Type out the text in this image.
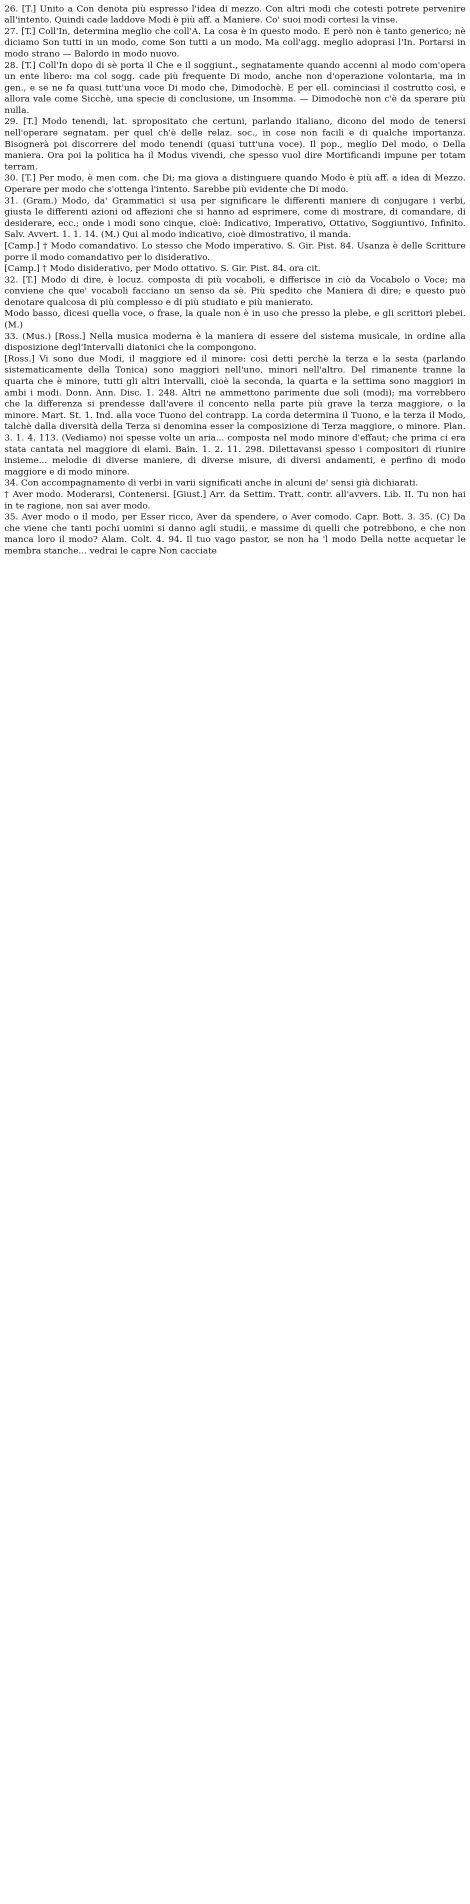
26. [T.] Unito a Con denota più espresso l'idea di mezzo. Con altri modi che cotesti potrete pervenire all'intento. Quindi cade laddove Modi è più aff. a Maniere. Co' suoi modi cortesi la vinse.

27. [T.] Coll'In, determina meglio che coll'A. La cosa è in questo modo. E però non è tanto generico; nè diciamo Son tutti in un modo, come Son tutti a un modo. Ma coll'agg. meglio adoprasi l'In. Portarsi in modo strano — Balordo in modo nuovo.

28. [T.] Coll'In dopo di sè porta il Che e il soggiunt., segnatamente quando accenni al modo com'opera un ente libero: ma col sogg. cade più frequente Di modo, anche non d'operazione volontaria, ma in gen., e se ne fa quasi tutt'una voce Di modo che, Dimodochè. E per ell. cominciasi il costrutto così, e allora vale come Sicchè, una specie di conclusione, un Insomma. — Dimodochè non c'è da sperare più nulla.

29. [T.] Modo tenendi, lat. spropositato che certuni, parlando italiano, dicono del modo de tenersi nell'operare segnatam. per quel ch'è delle relaz. soc., in cose non facili e di qualche importanza. Bisognerà poi discorrere del modo tenendi (quasi tutt'una voce). Il pop., meglio Del modo, o Della maniera. Ora poi la politica ha il Modus vivendi, che spesso vuol dire Mortificandi impune per totam terram.

30. [T.] Per modo, è men com. che Di; ma giova a distinguere quando Modo è più aff. a idea di Mezzo. Operare per modo che s'ottenga l'intento. Sarebbe più evidente che Di modo.

31. (Gram.) Modo, da' Grammatici si usa per significare le differenti maniere di conjugare i verbi, giusta le differenti azioni od affezioni che si hanno ad esprimere, come di mostrare, di comandare, di desiderare, ecc.; onde i modi sono cinque, cioè: Indicativo, Imperativo, Ottativo, Soggiuntivo, Infinito. Salv. Avvert. 1. 1. 14. (M.) Qui al modo indicativo, cioè dimostrativo, il manda.

[Camp.] † Modo comandativo. Lo stesso che Modo imperativo. S. Gir. Pist. 84. Usanza è delle Scritture porre il modo comandativo per lo disiderativo.

[Camp.] † Modo disiderativo, per Modo ottativo. S. Gir. Pist. 84. ora cit.

32. [T.] Modo di dire, è locuz. composta di più vocaboli, e differisce in ciò da Vocabolo o Voce; ma conviene che que' vocaboli facciano un senso da sè. Più spedito che Maniera di dire; e questo può denotare qualcosa di più complesso e di più studiato e più manierato.

Modo basso, dicesi quella voce, o frase, la quale non è in uso che presso la plebe, e gli scrittori plebei. (M.)

33. (Mus.) [Ross.] Nella musica moderna è la maniera di essere del sistema musicale, in ordine alla disposizione degl'Intervalli diatonici che la compongono.

[Ross.] Vi sono due Modi, il maggiore ed il minore: così detti perchè la terza e la sesta (parlando sistematicamente della Tonica) sono maggiori nell'uno, minori nell'altro. Del rimanente tranne la quarta che è minore, tutti gli altri Intervalli, cioè la seconda, la quarta e la settima sono maggiori in ambi i modi. Donn. Ann. Disc. 1. 248. Altri ne ammettono parimente due soli (modi); ma vorrebbero che la differenza si prendesse dall'avere il concento nella parte più grave la terza maggiore, o la minore. Mart. St. 1. Ind. alla voce Tuono del contrapp. La corda determina il Tuono, e la terza il Modo, talchè dalla diversità della Terza si denomina esser la composizione di Terza maggiore, o minore. Plan. 3. 1. 4. 113. (Vediamo) noi spesse volte un aria... composta nel modo minore d'effaut; che prima ci era stata cantata nel maggiore di elamì. Bain. 1. 2. 11. 298. Dilettavansi spesso i compositori di riunire insieme... melodie di diverse maniere, di diverse misure, di diversi andamenti, e perfino di modo maggiore e di modo minore.

34. Con accompagnamento di verbi in varii significati anche in alcuni de' sensi già dichiarati.

† Aver modo. Moderarsi, Contenersi. [Giust.] Arr. da Settim. Tratt. contr. all'avvers. Lib. II. Tu non hai in te ragione, non sai aver modo.

35. Aver modo o il modo, per Esser ricco, Aver da spendere, o Aver comodo. Capr. Bott. 3. 35. (C) Da che viene che tanti pochi uomini si danno agli studii, e massime di quelli che potrebbono, e che non manca loro il modo? Alam. Colt. 4. 94. Il tuo vago pastor, se non ha 'l modo Della notte acquetar le membra stanche... vedrai le capre Non cacciate
